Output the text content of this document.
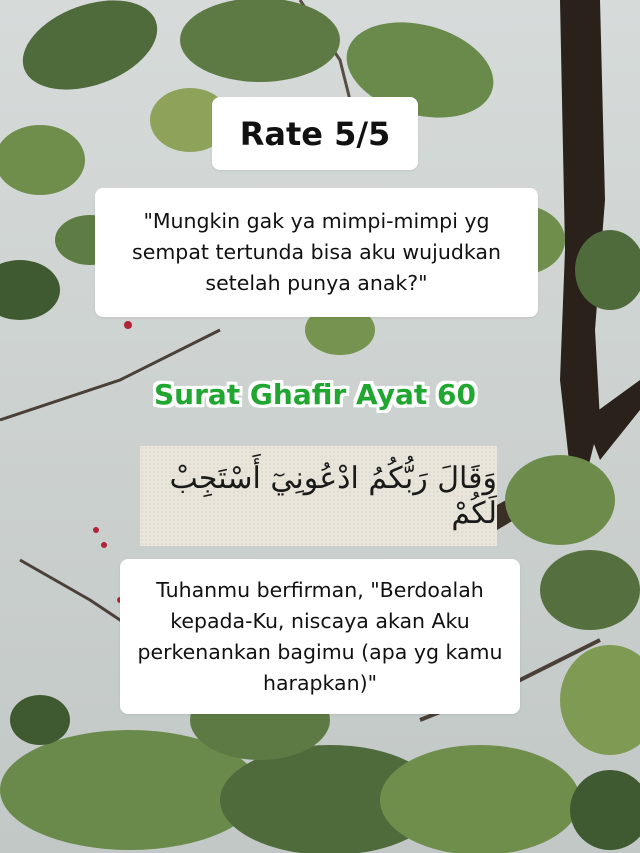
Rate 5/5
"Mungkin gak ya mimpi-mimpi yg sempat tertunda bisa aku wujudkan setelah punya anak?"
Surat Ghafir Ayat 60
وَقَالَ رَبُّكُمُ ادْعُونِيٓ أَسْتَجِبْ لَكُمْ
Tuhanmu berfirman, "Berdoalah kepada-Ku, niscaya akan Aku perkenankan bagimu (apa yg kamu harapkan)"
